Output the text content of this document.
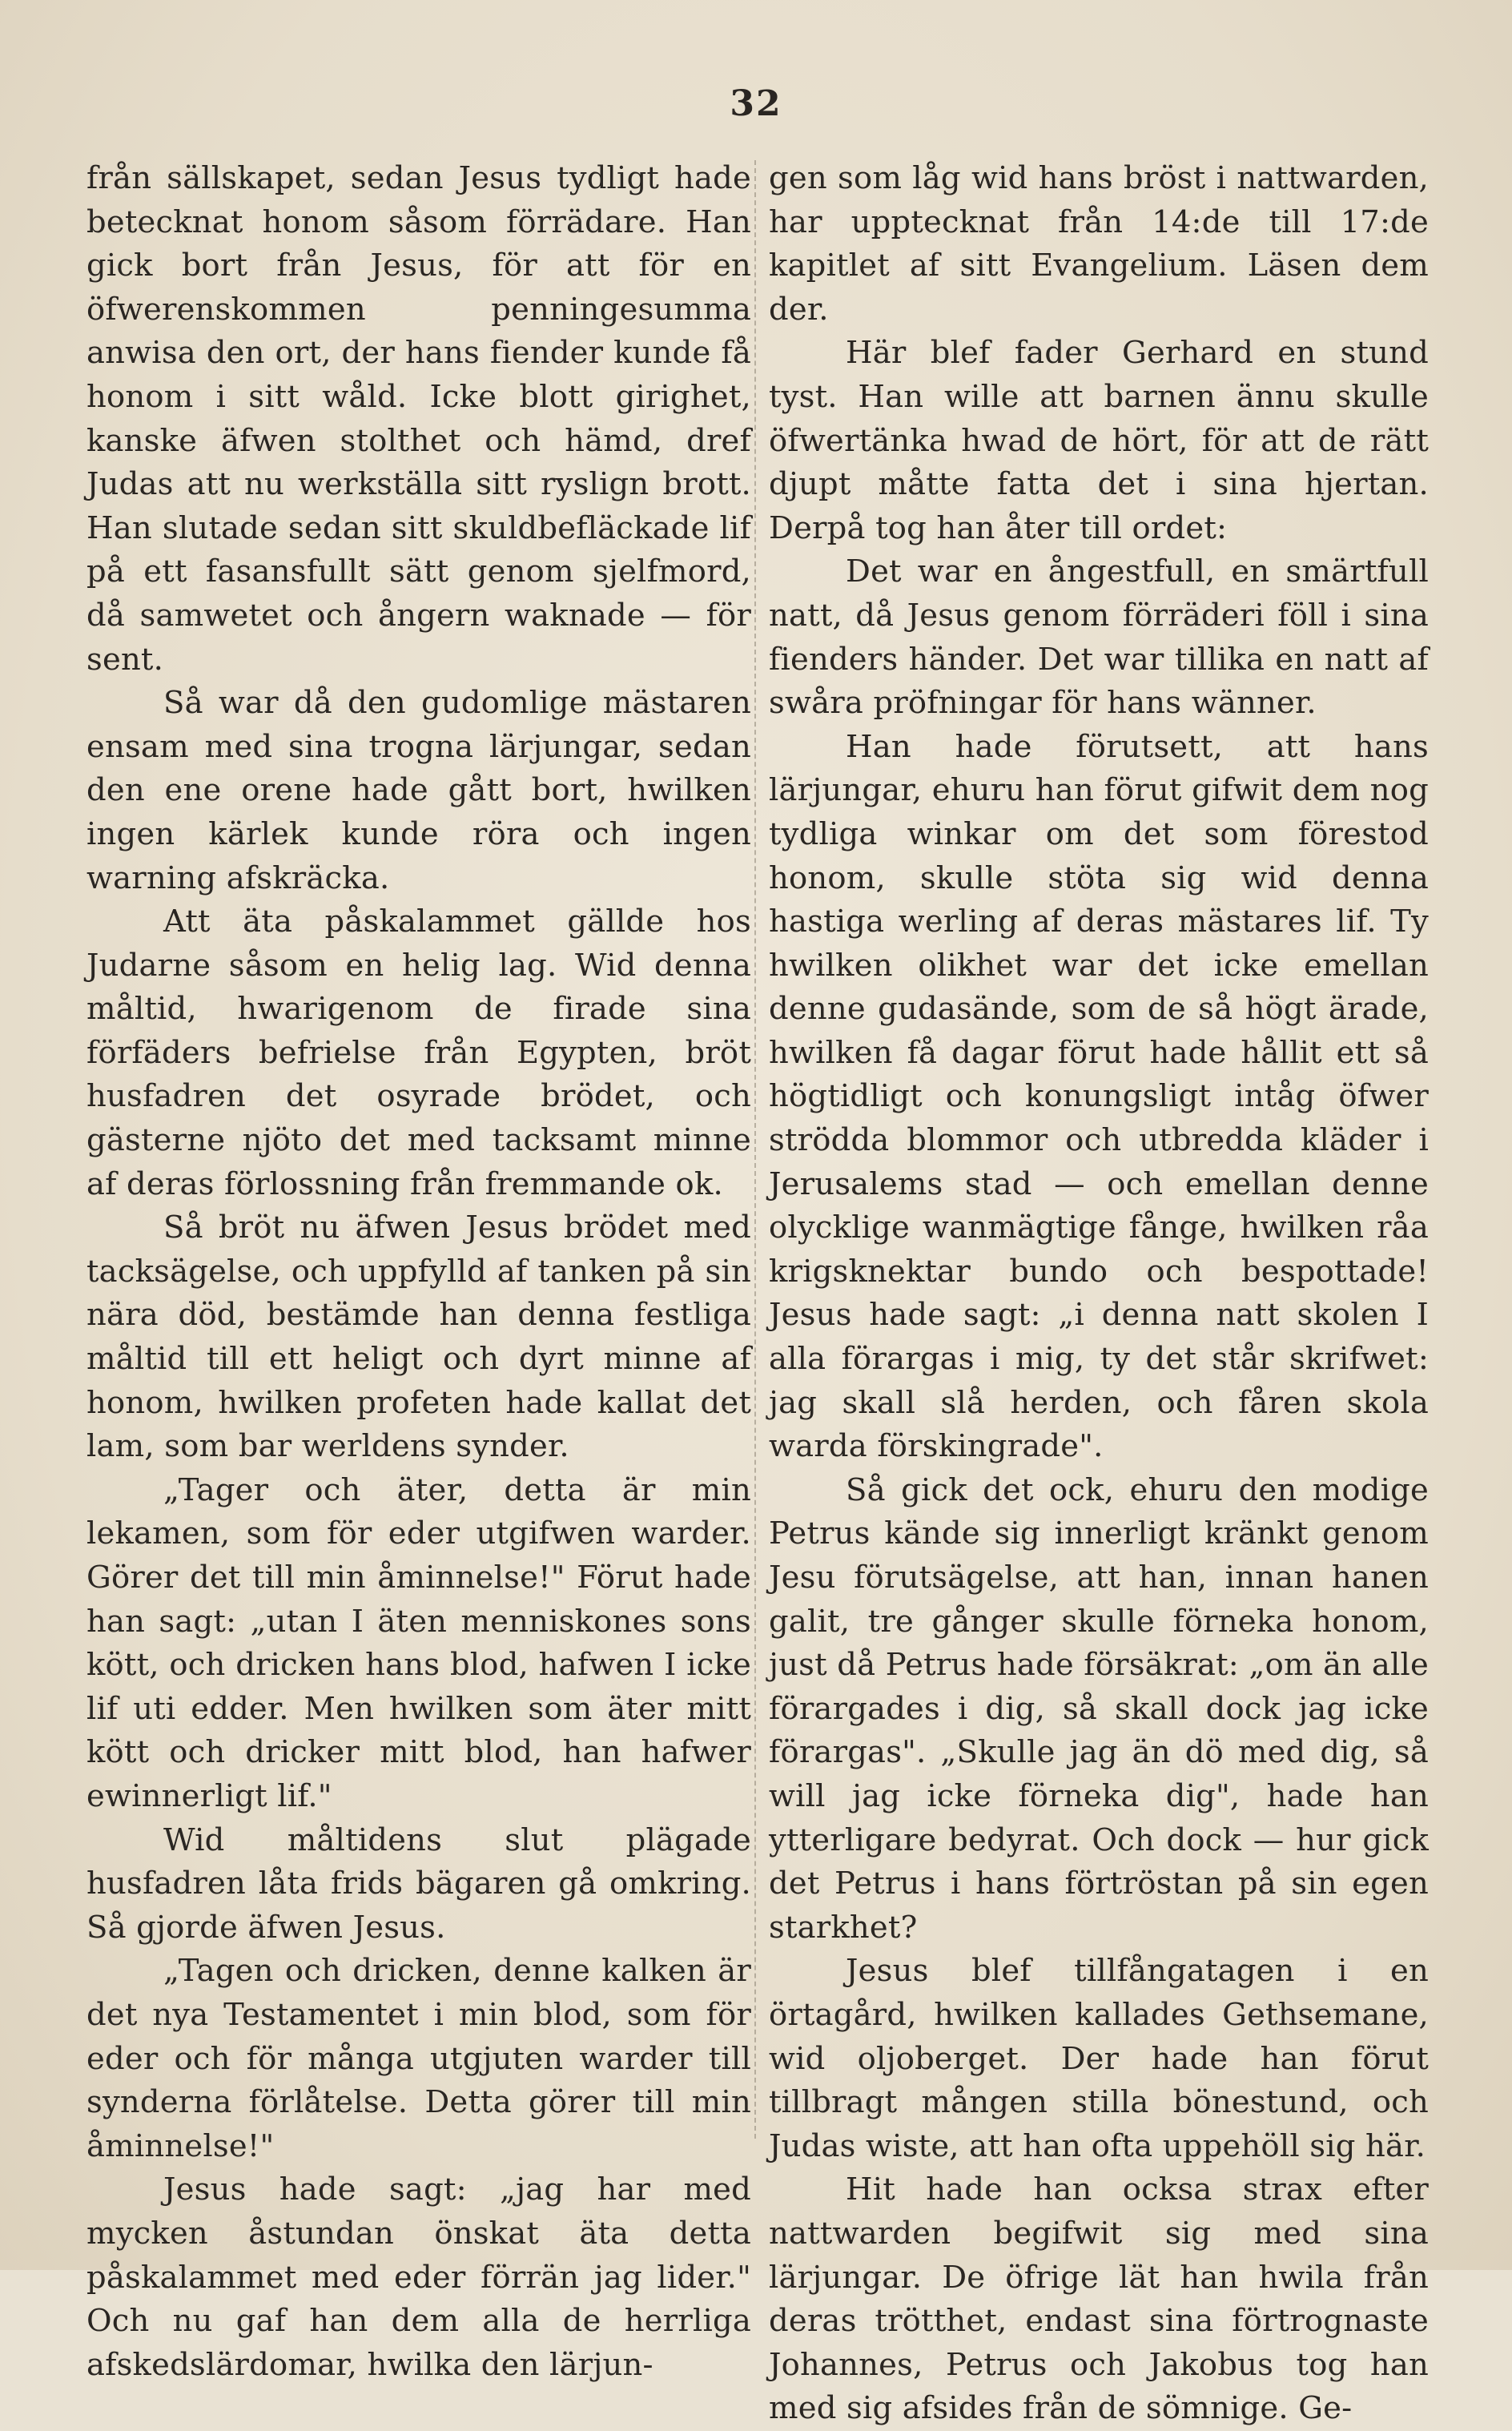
32

från sällskapet, sedan Jesus tydligt hade betecknat honom såsom förrädare. Han gick bort från Jesus, för att för en öfwerenskommen penningesumma anwisa den ort, der hans fiender kunde få honom i sitt wåld. Icke blott girighet, kanske äfwen stolthet och hämd, dref Judas att nu werkställa sitt ryslign brott. Han slutade sedan sitt skuldbefläckade lif på ett fasansfullt sätt genom sjelfmord, då samwetet och ångern waknade — för sent.

Så war då den gudomlige mästaren ensam med sina trogna lärjungar, sedan den ene orene hade gått bort, hwilken ingen kärlek kunde röra och ingen warning afskräcka.

Att äta påskalammet gällde hos Judarne såsom en helig lag. Wid denna måltid, hwarigenom de firade sina förfäders befrielse från Egypten, bröt husfadren det osyrade brödet, och gästerne njöto det med tacksamt minne af deras förlossning från fremmande ok.

Så bröt nu äfwen Jesus brödet med tacksägelse, och uppfylld af tanken på sin nära död, bestämde han denna festliga måltid till ett heligt och dyrt minne af honom, hwilken profeten hade kallat det lam, som bar werldens synder.

„Tager och äter, detta är min lekamen, som för eder utgifwen warder. Görer det till min åminnelse!" Förut hade han sagt: „utan I äten menniskones sons kött, och dricken hans blod, hafwen I icke lif uti edder. Men hwilken som äter mitt kött och dricker mitt blod, han hafwer ewinnerligt lif."

Wid måltidens slut plägade husfadren låta frids bägaren gå omkring. Så gjorde äfwen Jesus.

„Tagen och dricken, denne kalken är det nya Testamentet i min blod, som för eder och för många utgjuten warder till synderna förlåtelse. Detta görer till min åminnelse!"

Jesus hade sagt: „jag har med mycken åstundan önskat äta detta påskalammet med eder förrän jag lider." Och nu gaf han dem alla de herrliga afskedslärdomar, hwilka den lärjun-

gen som låg wid hans bröst i nattwarden, har upptecknat från 14:de till 17:de kapitlet af sitt Evangelium. Läsen dem der.

Här blef fader Gerhard en stund tyst. Han wille att barnen ännu skulle öfwertänka hwad de hört, för att de rätt djupt måtte fatta det i sina hjertan. Derpå tog han åter till ordet:

Det war en ångestfull, en smärtfull natt, då Jesus genom förräderi föll i sina fienders händer. Det war tillika en natt af swåra pröfningar för hans wänner.

Han hade förutsett, att hans lärjungar, ehuru han förut gifwit dem nog tydliga winkar om det som förestod honom, skulle stöta sig wid denna hastiga werling af deras mästares lif. Ty hwilken olikhet war det icke emellan denne gudasände, som de så högt ärade, hwilken få dagar förut hade hållit ett så högtidligt och konungsligt intåg öfwer strödda blommor och utbredda kläder i Jerusalems stad — och emellan denne olycklige wanmägtige fånge, hwilken råa krigsknektar bundo och bespottade! Jesus hade sagt: „i denna natt skolen I alla förargas i mig, ty det står skrifwet: jag skall slå herden, och fåren skola warda förskingrade".

Så gick det ock, ehuru den modige Petrus kände sig innerligt kränkt genom Jesu förutsägelse, att han, innan hanen galit, tre gånger skulle förneka honom, just då Petrus hade försäkrat: „om än alle förargades i dig, så skall dock jag icke förargas". „Skulle jag än dö med dig, så will jag icke förneka dig", hade han ytterligare bedyrat. Och dock — hur gick det Petrus i hans förtröstan på sin egen starkhet?

Jesus blef tillfångatagen i en örtagård, hwilken kallades Gethsemane, wid oljoberget. Der hade han förut tillbragt mången stilla bönestund, och Judas wiste, att han ofta uppehöll sig här.

Hit hade han ocksa strax efter nattwarden begifwit sig med sina lärjungar. De öfrige lät han hwila från deras trötthet, endast sina förtrognaste Johannes, Petrus och Jakobus tog han med sig afsides från de sömnige. Ge-
